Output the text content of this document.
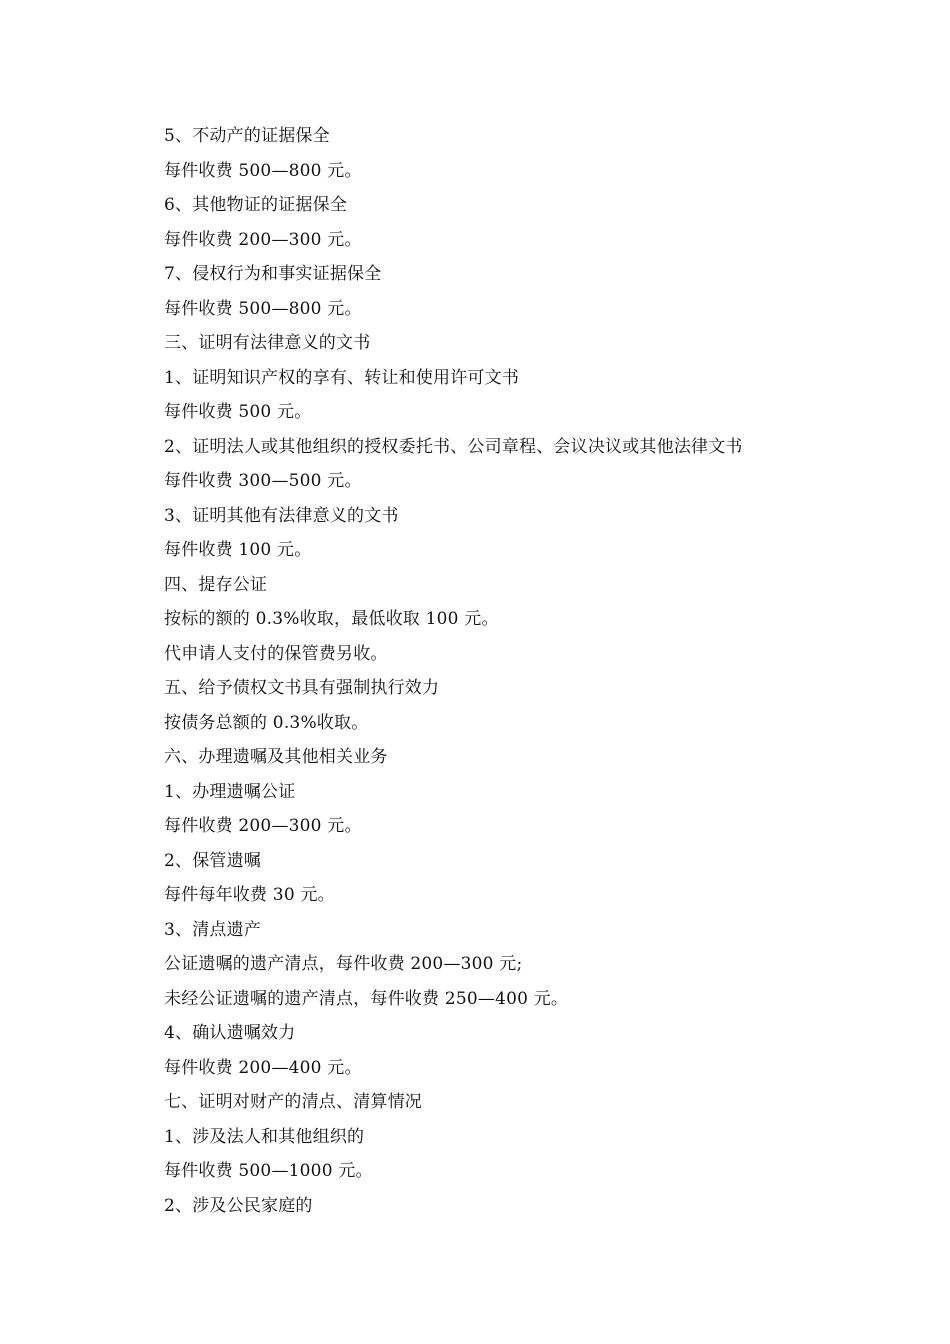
5、不动产的证据保全
每件收费 500—800 元。
6、其他物证的证据保全
每件收费 200—300 元。
7、侵权行为和事实证据保全
每件收费 500—800 元。
三、证明有法律意义的文书
1、证明知识产权的享有、转让和使用许可文书
每件收费 500 元。
2、证明法人或其他组织的授权委托书、公司章程、会议决议或其他法律文书
每件收费 300—500 元。
3、证明其他有法律意义的文书
每件收费 100 元。
四、提存公证
按标的额的 0.3%收取，最低收取 100 元。
代申请人支付的保管费另收。
五、给予债权文书具有强制执行效力
按债务总额的 0.3%收取。
六、办理遗嘱及其他相关业务
1、办理遗嘱公证
每件收费 200—300 元。
2、保管遗嘱
每件每年收费 30 元。
3、清点遗产
公证遗嘱的遗产清点，每件收费 200—300 元;
未经公证遗嘱的遗产清点，每件收费 250—400 元。
4、确认遗嘱效力
每件收费 200—400 元。
七、证明对财产的清点、清算情况
1、涉及法人和其他组织的
每件收费 500—1000 元。
2、涉及公民家庭的
